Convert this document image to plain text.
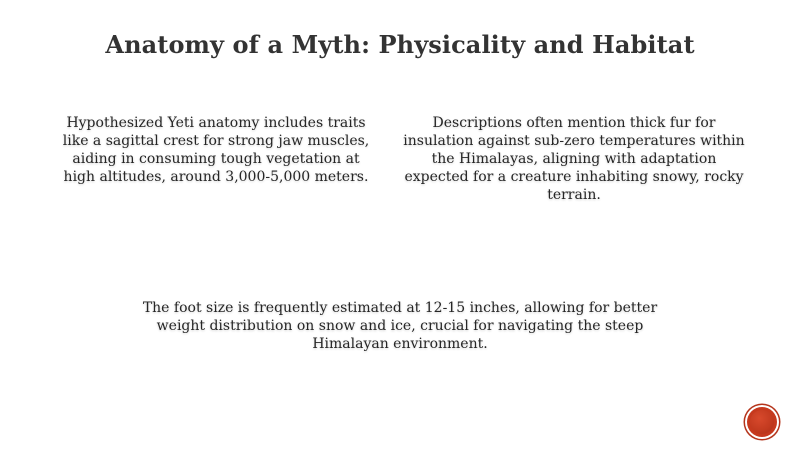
Anatomy of a Myth: Physicality and Habitat

Hypothesized Yeti anatomy includes traits like a sagittal crest for strong jaw muscles, aiding in consuming tough vegetation at high altitudes, around 3,000-5,000 meters.

Descriptions often mention thick fur for insulation against sub-zero temperatures within the Himalayas, aligning with adaptation expected for a creature inhabiting snowy, rocky terrain.

The foot size is frequently estimated at 12-15 inches, allowing for better weight distribution on snow and ice, crucial for navigating the steep Himalayan environment.
